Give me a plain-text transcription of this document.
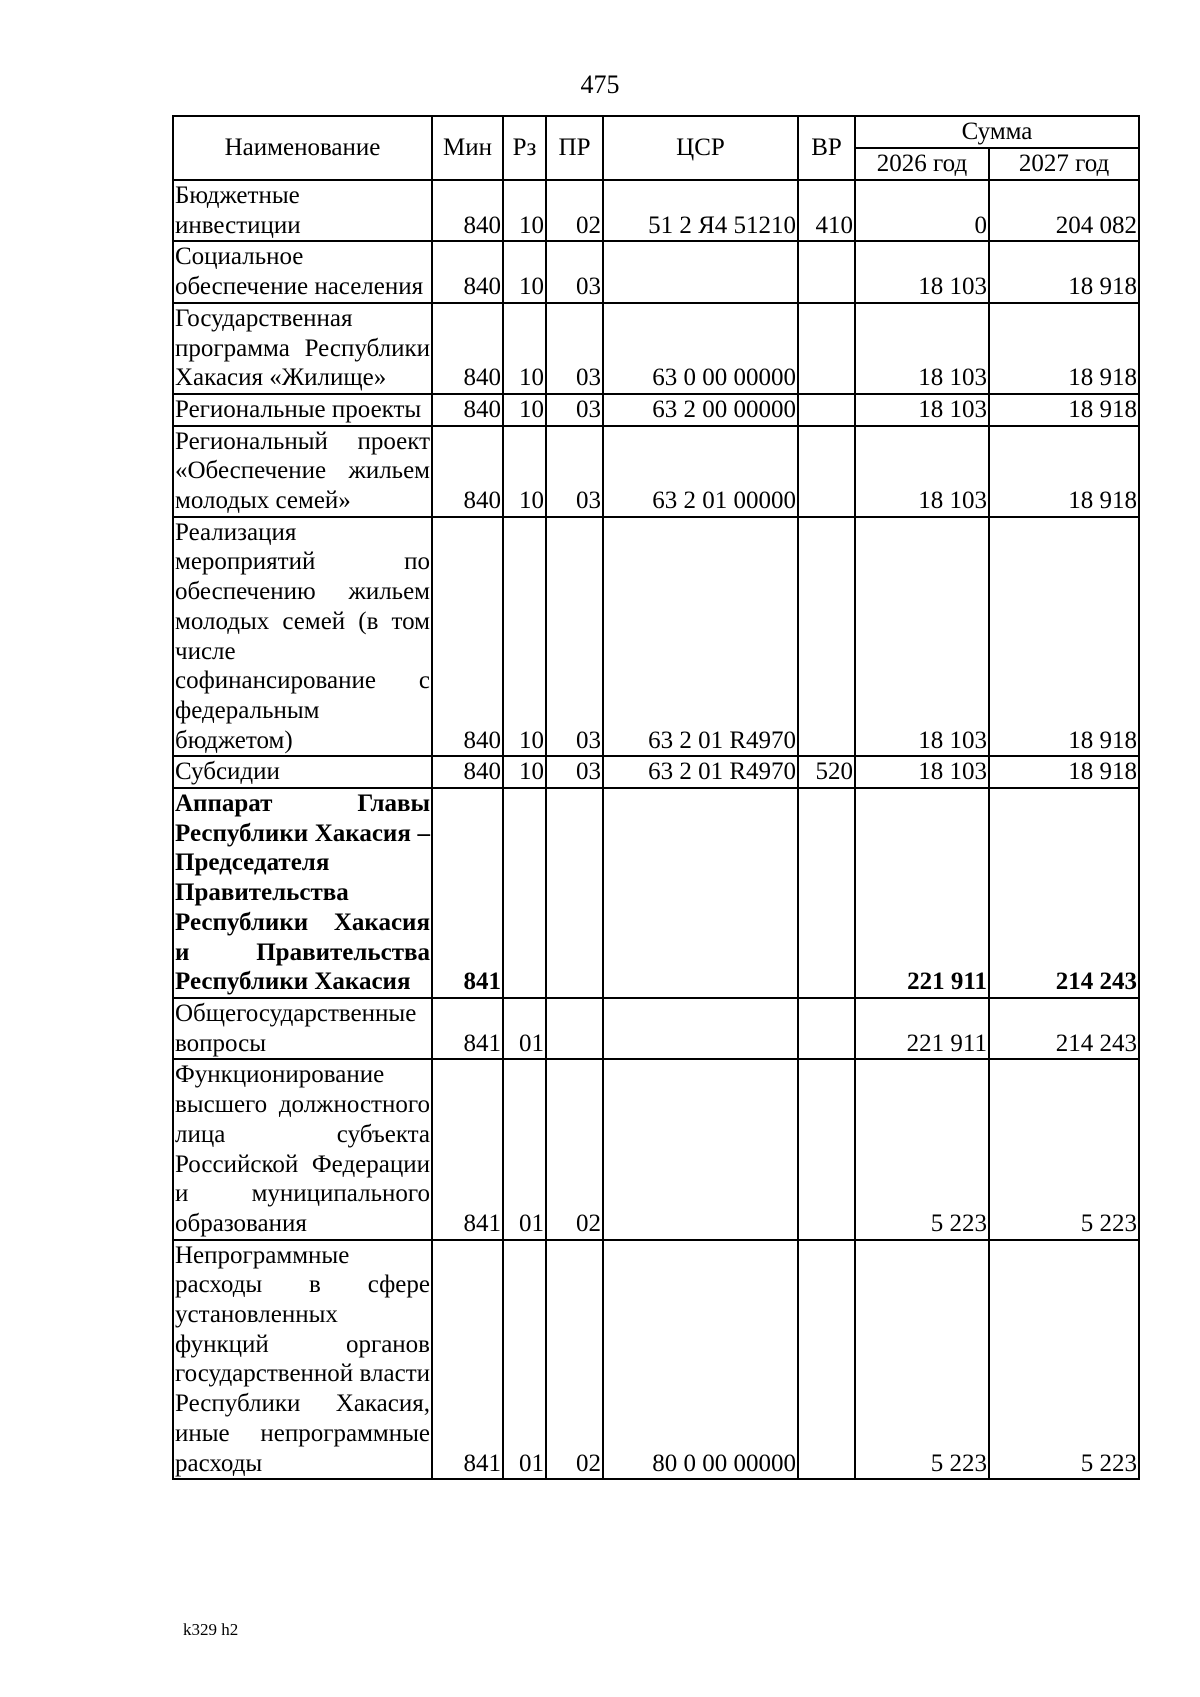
475
Наименование	Мин	Рз	ПР	ЦСР	ВР	Сумма	
						2026 год	2027 год
Бюджетные инвестиции	840	10	02	51 2 Я4 51210	410	0	204 082
Социальное обеспечение населения	840	10	03			18 103	18 918
Государственная программа Республики Хакасия «Жилище»	840	10	03	63 0 00 00000		18 103	18 918
Региональные проекты	840	10	03	63 2 00 00000		18 103	18 918
Региональный проект «Обеспечение жильем молодых семей»	840	10	03	63 2 01 00000		18 103	18 918
Реализация мероприятий по обеспечению жильем молодых семей (в том числе софинансирование с федеральным бюджетом)	840	10	03	63 2 01 R4970		18 103	18 918
Субсидии	840	10	03	63 2 01 R4970	520	18 103	18 918
Аппарат Главы Республики Хакасия – Председателя Правительства Республики Хакасия и Правительства Республики Хакасия	841					221 911	214 243
Общегосударственные вопросы	841	01				221 911	214 243
Функционирование высшего должностного лица субъекта Российской Федерации и муниципального образования	841	01	02			5 223	5 223
Непрограммные расходы в сфере установленных функций органов государственной власти Республики Хакасия, иные непрограммные расходы	841	01	02	80 0 00 00000		5 223	5 223
k329 h2
